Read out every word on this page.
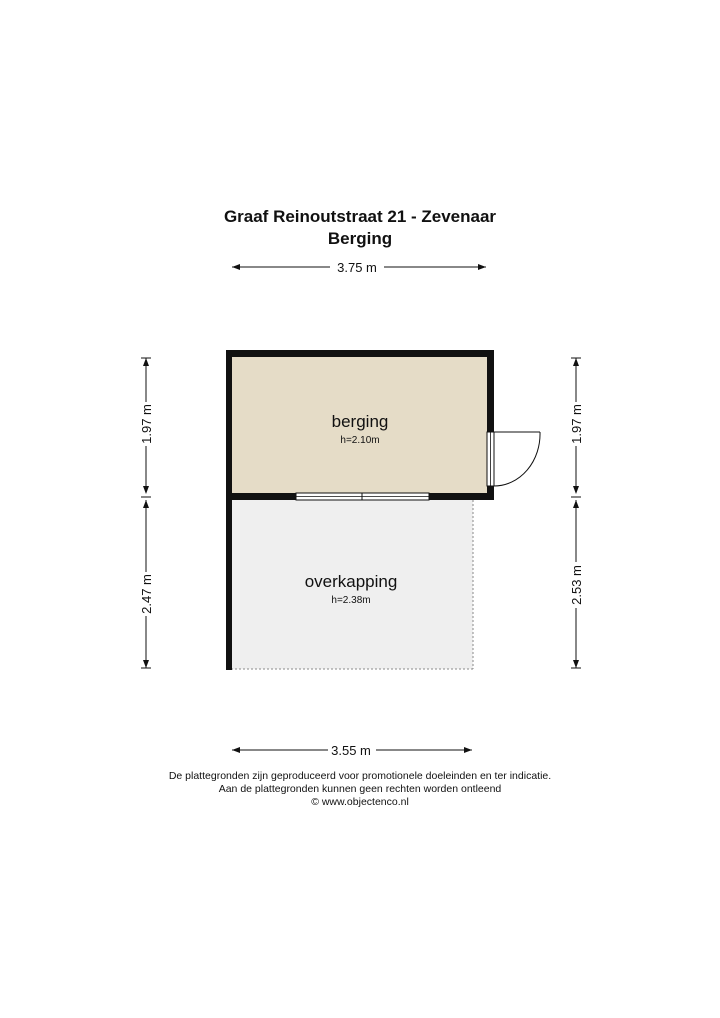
Graaf Reinoutstraat 21 - Zevenaar
Berging
3.75 m
3.55 m
1.97 m
2.47 m
1.97 m
2.53 m
berging
h=2.10m
overkapping
h=2.38m
De plattegronden zijn geproduceerd voor promotionele doeleinden en ter indicatie.
Aan de plattegronden kunnen geen rechten worden ontleend
© www.objectenco.nl
